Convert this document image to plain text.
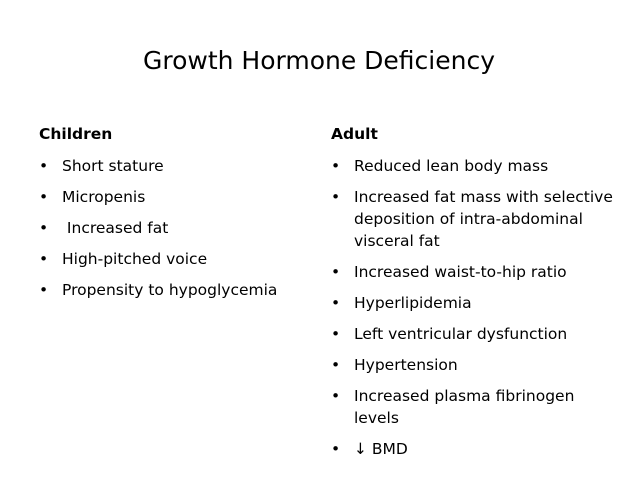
Growth Hormone Deficiency
Children
• Short stature
• Micropenis
• Increased fat
• High-pitched voice
• Propensity to hypoglycemia
Adult
• Reduced lean body mass
• Increased fat mass with selective deposition of intra-abdominal visceral fat
• Increased waist-to-hip ratio
• Hyperlipidemia
• Left ventricular dysfunction
• Hypertension
• Increased plasma fibrinogen levels
• ↓ BMD
